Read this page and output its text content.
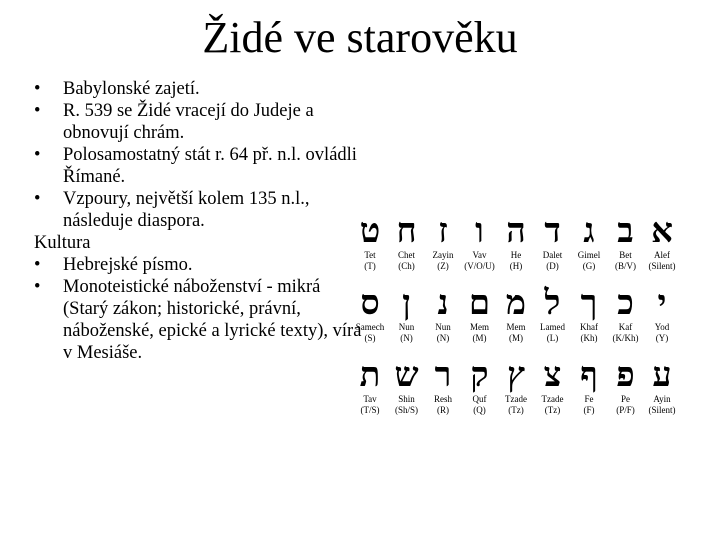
Židé ve starověku
• Babylonské zajetí.
• R. 539 se Židé vracejí do Judeje a obnovují chrám.
• Polosamostatný stát r. 64 př. n.l. ovládli Římané.
• Vzpoury, největší kolem 135 n.l., následuje diaspora.
Kultura
• Hebrejské písmo.
• Monoteistické náboženství - mikrá (Starý zákon; historické, právní, náboženské, epické a lyrické texty), víra v Mesiáše.
א
Alef
(Silent)
ב
Bet
(B/V)
ג
Gimel
(G)
ד
Dalet
(D)
ה
He
(H)
ו
Vav
(V/O/U)
ז
Zayin
(Z)
ח
Chet
(Ch)
ט
Tet
(T)
י
Yod
(Y)
כ
Kaf
(K/Kh)
ך
Khaf
(Kh)
ל
Lamed
(L)
מ
Mem
(M)
ם
Mem
(M)
נ
Nun
(N)
ן
Nun
(N)
ס
Samech
(S)
ע
Ayin
(Silent)
פ
Pe
(P/F)
ף
Fe
(F)
צ
Tzade
(Tz)
ץ
Tzade
(Tz)
ק
Quf
(Q)
ר
Resh
(R)
ש
Shin
(Sh/S)
ת
Tav
(T/S)
